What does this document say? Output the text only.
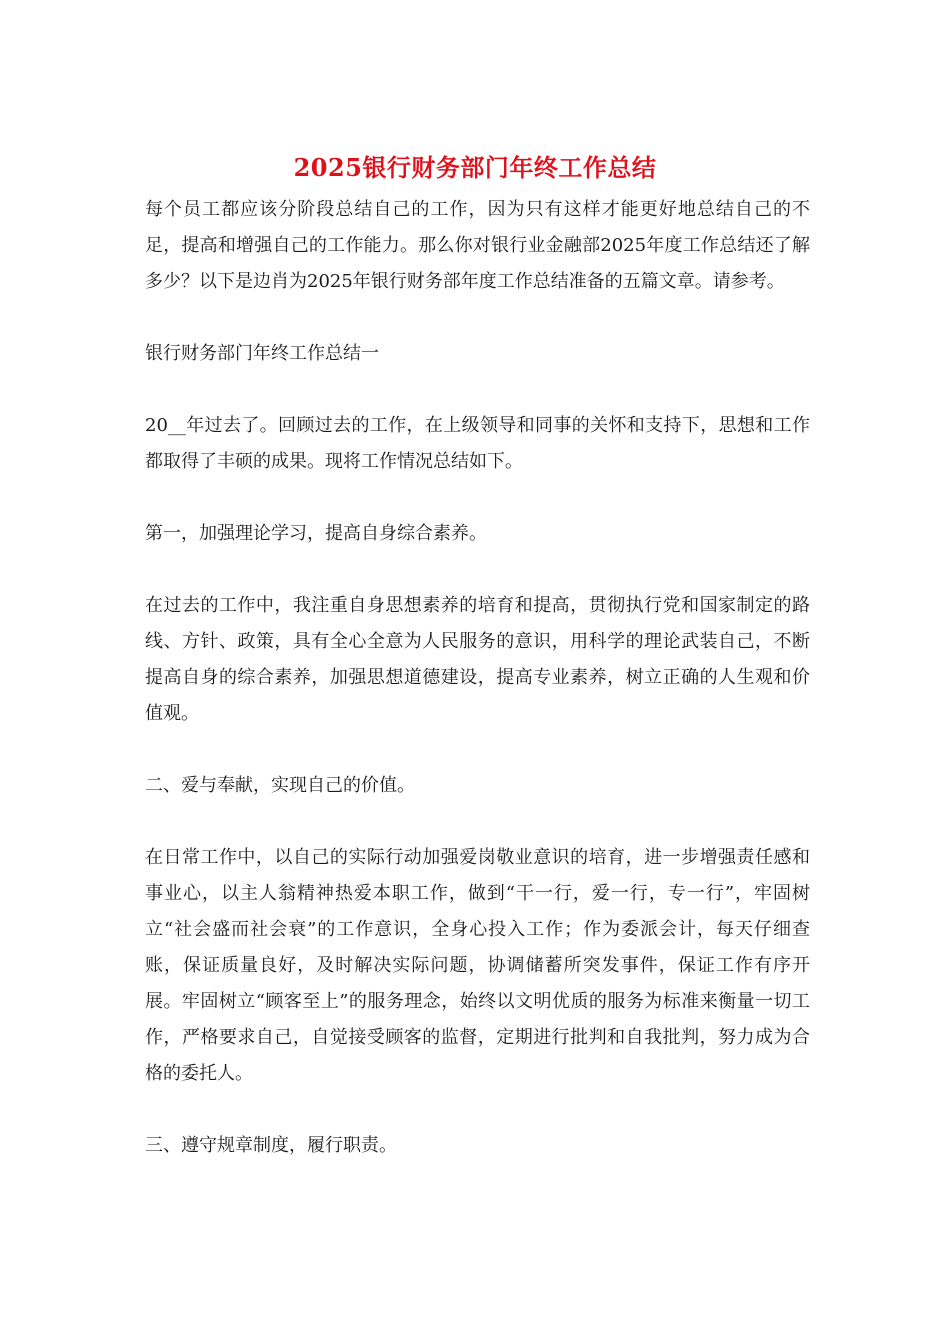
2025银行财务部门年终工作总结

每个员工都应该分阶段总结自己的工作，因为只有这样才能更好地总结自己的不足，提高和增强自己的工作能力。那么你对银行业金融部2025年度工作总结还了解多少？以下是边肖为2025年银行财务部年度工作总结准备的五篇文章。请参考。

银行财务部门年终工作总结一

20__年过去了。回顾过去的工作，在上级领导和同事的关怀和支持下，思想和工作都取得了丰硕的成果。现将工作情况总结如下。

第一，加强理论学习，提高自身综合素养。

在过去的工作中，我注重自身思想素养的培育和提高，贯彻执行党和国家制定的路线、方针、政策，具有全心全意为人民服务的意识，用科学的理论武装自己，不断提高自身的综合素养，加强思想道德建设，提高专业素养，树立正确的人生观和价值观。

二、爱与奉献，实现自己的价值。

在日常工作中，以自己的实际行动加强爱岗敬业意识的培育，进一步增强责任感和事业心，以主人翁精神热爱本职工作，做到“干一行，爱一行，专一行”，牢固树立“社会盛而社会衰”的工作意识，全身心投入工作；作为委派会计，每天仔细查账，保证质量良好，及时解决实际问题，协调储蓄所突发事件，保证工作有序开展。牢固树立“顾客至上”的服务理念，始终以文明优质的服务为标准来衡量一切工作，严格要求自己，自觉接受顾客的监督，定期进行批判和自我批判，努力成为合格的委托人。

三、遵守规章制度，履行职责。
